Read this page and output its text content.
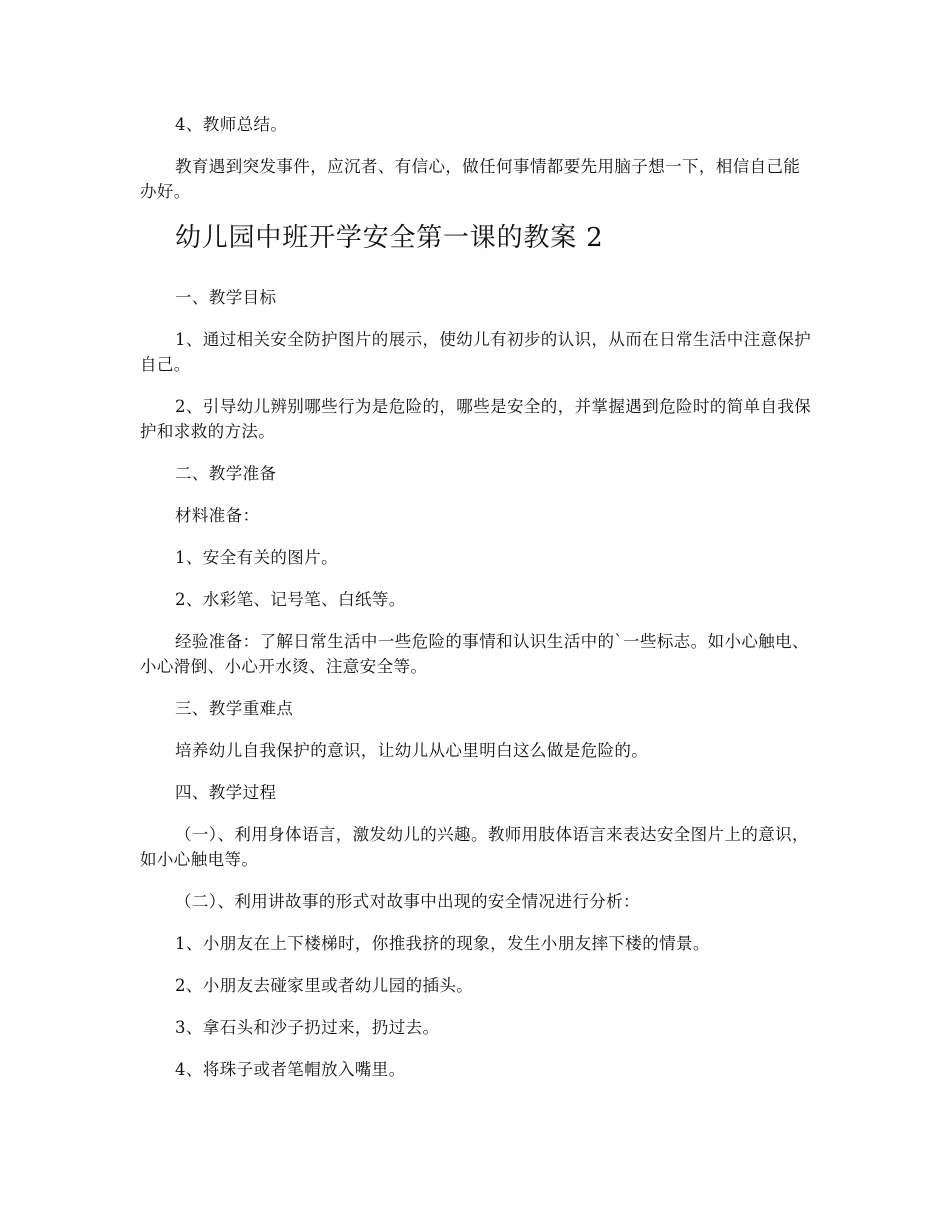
4、教师总结。

教育遇到突发事件，应沉者、有信心，做任何事情都要先用脑子想一下，相信自己能办好。

幼儿园中班开学安全第一课的教案 2

一、教学目标

1、通过相关安全防护图片的展示，使幼儿有初步的认识，从而在日常生活中注意保护自己。

2、引导幼儿辨别哪些行为是危险的，哪些是安全的，并掌握遇到危险时的简单自我保护和求救的方法。

二、教学准备

材料准备：

1、安全有关的图片。

2、水彩笔、记号笔、白纸等。

经验准备：了解日常生活中一些危险的事情和认识生活中的`一些标志。如小心触电、小心滑倒、小心开水烫、注意安全等。

三、教学重难点

培养幼儿自我保护的意识，让幼儿从心里明白这么做是危险的。

四、教学过程

（一）、利用身体语言，激发幼儿的兴趣。教师用肢体语言来表达安全图片上的意识，如小心触电等。

（二）、利用讲故事的形式对故事中出现的安全情况进行分析：

1、小朋友在上下楼梯时，你推我挤的现象，发生小朋友摔下楼的情景。

2、小朋友去碰家里或者幼儿园的插头。

3、拿石头和沙子扔过来，扔过去。

4、将珠子或者笔帽放入嘴里。
